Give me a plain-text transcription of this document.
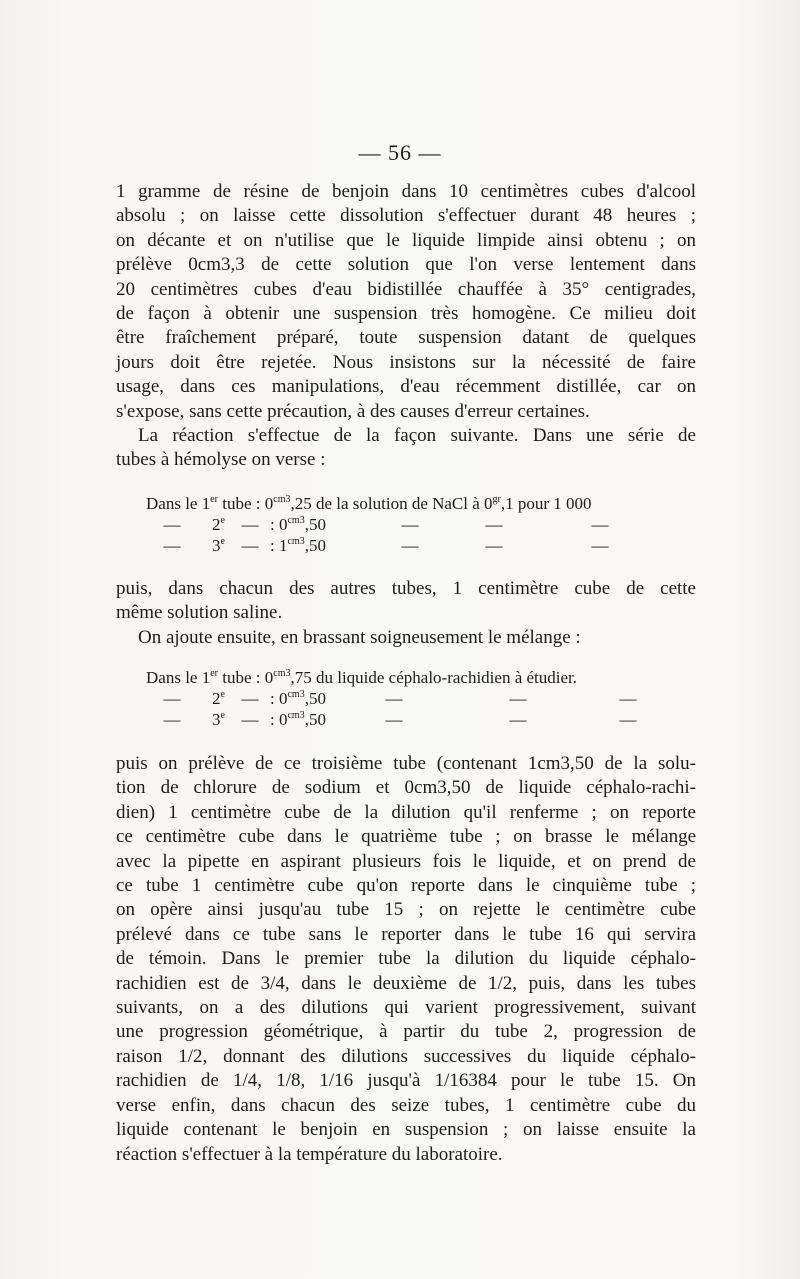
— 56 —
1 gramme de résine de benjoin dans 10 centimètres cubes d'alcool
absolu ; on laisse cette dissolution s'effectuer durant 48 heures ;
on décante et on n'utilise que le liquide limpide ainsi obtenu ; on
prélève 0cm3,3 de cette solution que l'on verse lentement dans
20 centimètres cubes d'eau bidistillée chauffée à 35° centigrades,
de façon à obtenir une suspension très homogène. Ce milieu doit
être fraîchement préparé, toute suspension datant de quelques
jours doit être rejetée. Nous insistons sur la nécessité de faire
usage, dans ces manipulations, d'eau récemment distillée, car on
s'expose, sans cette précaution, à des causes d'erreur certaines.
La réaction s'effectue de la façon suivante. Dans une série de
tubes à hémolyse on verse :
Dans le 1er tube : $0^{cm3},25$ de la solution de NaCl à $0^{gr},1$ pour 1 000
— 2e — : $0^{cm3},50$	—	—	—
— 3e — : $1^{cm3},50$	—	—	—
puis, dans chacun des autres tubes, 1 centimètre cube de cette
même solution saline.
On ajoute ensuite, en brassant soigneusement le mélange :
Dans le 1er tube : $0^{cm3},75$ du liquide céphalo-rachidien à étudier.
— 2e — : $0^{cm3},50$	—	—	—
— 3e — : $0^{cm3},50$	—	—	—
puis on prélève de ce troisième tube (contenant 1cm3,50 de la solu-
tion de chlorure de sodium et 0cm3,50 de liquide céphalo-rachi-
dien) 1 centimètre cube de la dilution qu'il renferme ; on reporte
ce centimètre cube dans le quatrième tube ; on brasse le mélange
avec la pipette en aspirant plusieurs fois le liquide, et on prend de
ce tube 1 centimètre cube qu'on reporte dans le cinquième tube ;
on opère ainsi jusqu'au tube 15 ; on rejette le centimètre cube
prélevé dans ce tube sans le reporter dans le tube 16 qui servira
de témoin. Dans le premier tube la dilution du liquide céphalo-
rachidien est de 3/4, dans le deuxième de 1/2, puis, dans les tubes
suivants, on a des dilutions qui varient progressivement, suivant
une progression géométrique, à partir du tube 2, progression de
raison 1/2, donnant des dilutions successives du liquide céphalo-
rachidien de 1/4, 1/8, 1/16 jusqu'à 1/16384 pour le tube 15. On
verse enfin, dans chacun des seize tubes, 1 centimètre cube du
liquide contenant le benjoin en suspension ; on laisse ensuite la
réaction s'effectuer à la température du laboratoire.
